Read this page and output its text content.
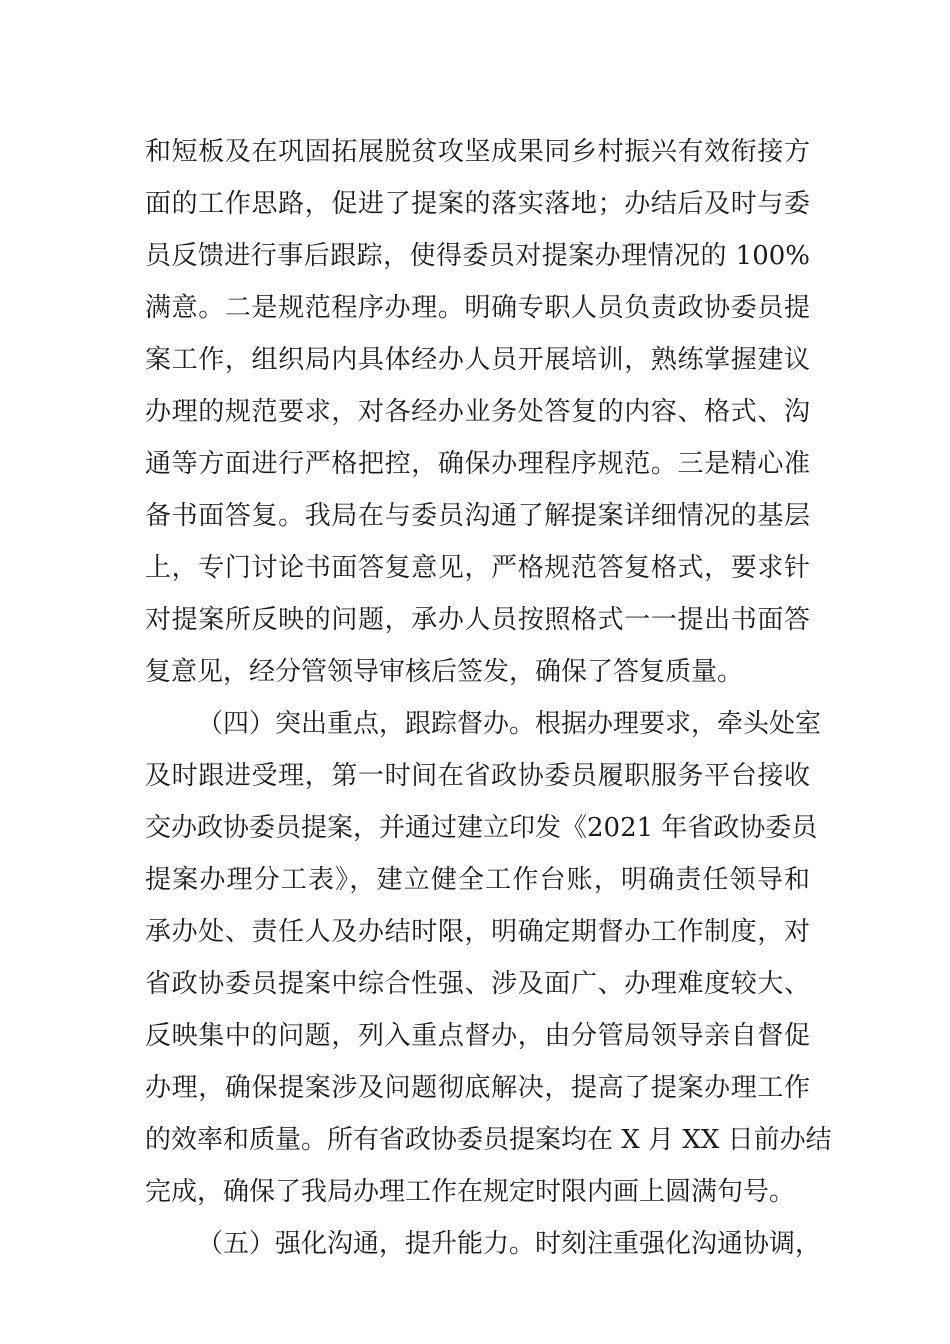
和短板及在巩固拓展脱贫攻坚成果同乡村振兴有效衔接方
面的工作思路，促进了提案的落实落地；办结后及时与委
员反馈进行事后跟踪，使得委员对提案办理情况的 100%
满意。二是规范程序办理。明确专职人员负责政协委员提
案工作，组织局内具体经办人员开展培训，熟练掌握建议
办理的规范要求，对各经办业务处答复的内容、格式、沟
通等方面进行严格把控，确保办理程序规范。三是精心准
备书面答复。我局在与委员沟通了解提案详细情况的基层
上，专门讨论书面答复意见，严格规范答复格式，要求针
对提案所反映的问题，承办人员按照格式一一提出书面答
复意见，经分管领导审核后签发，确保了答复质量。
（四）突出重点，跟踪督办。根据办理要求，牵头处室
及时跟进受理，第一时间在省政协委员履职服务平台接收
交办政协委员提案，并通过建立印发《2021 年省政协委员
提案办理分工表》，建立健全工作台账，明确责任领导和
承办处、责任人及办结时限，明确定期督办工作制度，对
省政协委员提案中综合性强、涉及面广、办理难度较大、
反映集中的问题，列入重点督办，由分管局领导亲自督促
办理，确保提案涉及问题彻底解决，提高了提案办理工作
的效率和质量。所有省政协委员提案均在 X 月 XX 日前办结
完成，确保了我局办理工作在规定时限内画上圆满句号。
（五）强化沟通，提升能力。时刻注重强化沟通协调，
